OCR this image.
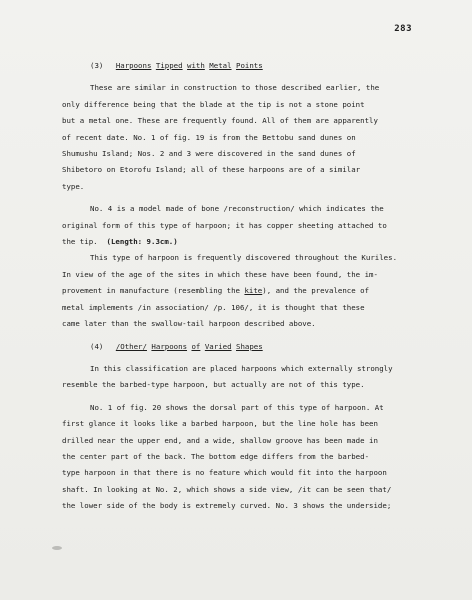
283
(3) Harpoons Tipped with Metal Points
These are similar in construction to those described earlier, the
only difference being that the blade at the tip is not a stone point
but a metal one. These are frequently found. All of them are apparently
of recent date. No. 1 of fig. 19 is from the Bettobu sand dunes on
Shumushu Island; Nos. 2 and 3 were discovered in the sand dunes of
Shibetoro on Etorofu Island; all of these harpoons are of a similar
type.
No. 4 is a model made of bone /reconstruction/ which indicates the
original form of this type of harpoon; it has copper sheeting attached to
the tip. (Length: 9.3cm.)
This type of harpoon is frequently discovered throughout the Kuriles.
In view of the age of the sites in which these have been found, the im-
provement in manufacture (resembling the kite), and the prevalence of
metal implements /in association/ /p. 106/, it is thought that these
came later than the swallow-tail harpoon described above.
(4) /Other/ Harpoons of Varied Shapes
In this classification are placed harpoons which externally strongly
resemble the barbed-type harpoon, but actually are not of this type.
No. 1 of fig. 20 shows the dorsal part of this type of harpoon. At
first glance it looks like a barbed harpoon, but the line hole has been
drilled near the upper end, and a wide, shallow groove has been made in
the center part of the back. The bottom edge differs from the barbed-
type harpoon in that there is no feature which would fit into the harpoon
shaft. In looking at No. 2, which shows a side view, /it can be seen that/
the lower side of the body is extremely curved. No. 3 shows the underside;
